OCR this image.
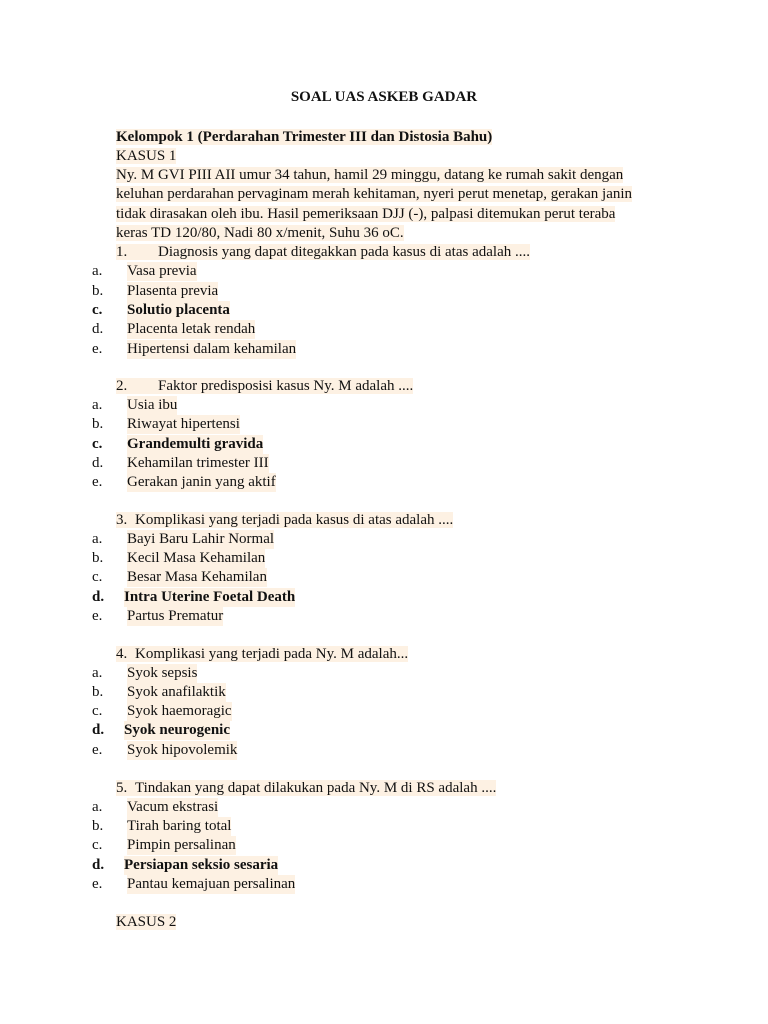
SOAL UAS ASKEB GADAR
Kelompok 1 (Perdarahan Trimester III dan Distosia Bahu)
KASUS 1
Ny. M GVI PIII AII umur 34 tahun, hamil 29 minggu, datang ke rumah sakit dengan
keluhan perdarahan pervaginam merah kehitaman, nyeri perut menetap, gerakan janin
tidak dirasakan oleh ibu. Hasil pemeriksaan DJJ (-), palpasi ditemukan perut teraba
keras TD 120/80, Nadi 80 x/menit, Suhu 36 oC.
1. Diagnosis yang dapat ditegakkan pada kasus di atas adalah ....
a. Vasa previa
b. Plasenta previa
c. Solutio placenta
d. Placenta letak rendah
e. Hipertensi dalam kehamilan
2. Faktor predisposisi kasus Ny. M adalah ....
a. Usia ibu
b. Riwayat hipertensi
c. Grandemulti gravida
d. Kehamilan trimester III
e. Gerakan janin yang aktif
3. Komplikasi yang terjadi pada kasus di atas adalah ....
a. Bayi Baru Lahir Normal
b. Kecil Masa Kehamilan
c. Besar Masa Kehamilan
d. Intra Uterine Foetal Death
e. Partus Prematur
4. Komplikasi yang terjadi pada Ny. M adalah...
a. Syok sepsis
b. Syok anafilaktik
c. Syok haemoragic
d. Syok neurogenic
e. Syok hipovolemik
5. Tindakan yang dapat dilakukan pada Ny. M di RS adalah ....
a. Vacum ekstrasi
b. Tirah baring total
c. Pimpin persalinan
d. Persiapan seksio sesaria
e. Pantau kemajuan persalinan
KASUS 2
